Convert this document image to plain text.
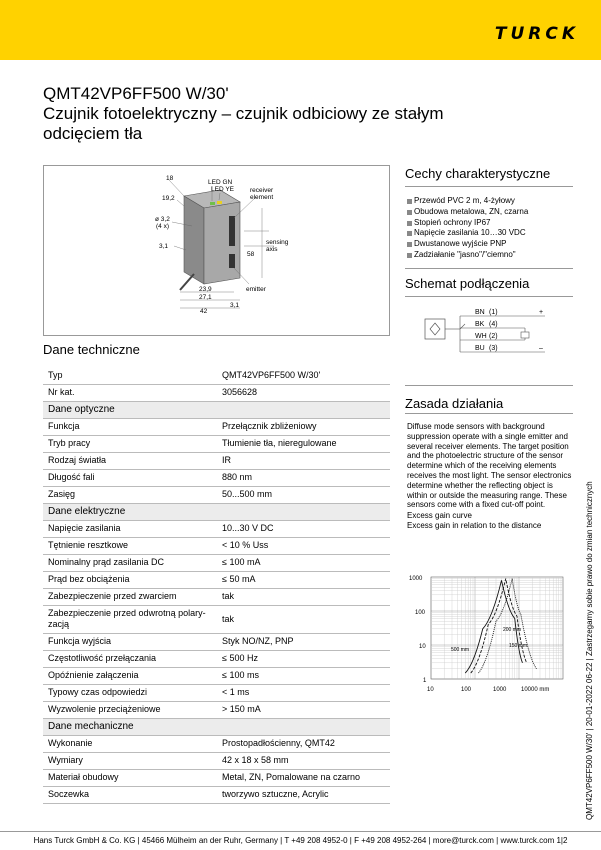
TURCK
QMT42VP6FF500 W/30'
Czujnik fotoelektryczny – czujnik odbiciowy ze stałym
odcięciem tła
LED GN
LED YE receiver
element
sensing
axis
emitter
18
19,2
ø 3,2
(4 x)
3,1
58
23,9
27,1
3,1
42
Dane techniczne
Typ	QMT42VP6FF500 W/30'
Nr kat.	3056628
Dane optyczne	
Funkcja	Przełącznik zbliżeniowy
Tryb pracy	Tłumienie tła, nieregulowane
Rodzaj światła	IR
Długość fali	880 nm
Zasięg	50...500 mm
Dane elektryczne	
Napięcie zasilania	10...30 V DC
Tętnienie resztkowe	< 10 % Uss
Nominalny prąd zasilania DC	≤ 100 mA
Prąd bez obciążenia	≤ 50 mA
Zabezpieczenie przed zwarciem	tak
Zabezpieczenie przed odwrotną polary-
zacją	tak
Funkcja wyjścia	Styk NO/NZ, PNP
Częstotliwość przełączania	≤ 500 Hz
Opóźnienie załączenia	≤ 100 ms
Typowy czas odpowiedzi	< 1 ms
Wyzwolenie przeciążeniowe	> 150 mA
Dane mechaniczne	
Wykonanie	Prostopadłościenny, QMT42
Wymiary	42 x 18 x 58 mm
Materiał obudowy	Metal, ZN, Pomalowane na czarno
Soczewka	tworzywo sztuczne, Acrylic
Cechy charakterystyczne
Przewód PVC 2 m, 4-żyłowy
Obudowa metalowa, ZN, czarna
Stopień ochrony IP67
Napięcie zasilania 10…30 VDC
Dwustanowe wyjście PNP
Zadziałanie "jasno"/"ciemno"
Schemat podłączenia
BN (1)
BK (4)
WH (2)
BU (3)
+
–
Zasada działania
Diffuse mode sensors with background suppression operate with a single emitter and several receiver elements. The target position and the photoelectric structure of the sensor determine which of the receiving elements receives the most light. The sensor electronics determine whether the reflecting object is within or outside the measuring range. These sensors come with a fixed cut-off point.
Excess gain curve
Excess gain in relation to the distance
1000
100
10
1
10	100	1000 10000 mm
500 mm
200 mm
150 mm	QMT42VP6FF500 W/30' | 20-01-2022 06-22 | Zastrzegamy sobie prawo do zmian technicznych
Hans Turck GmbH & Co. KG | 45466 Mülheim an der Ruhr, Germany | T +49 208 4952-0 | F +49 208 4952-264 | more@turck.com | www.turck.com 1|2
